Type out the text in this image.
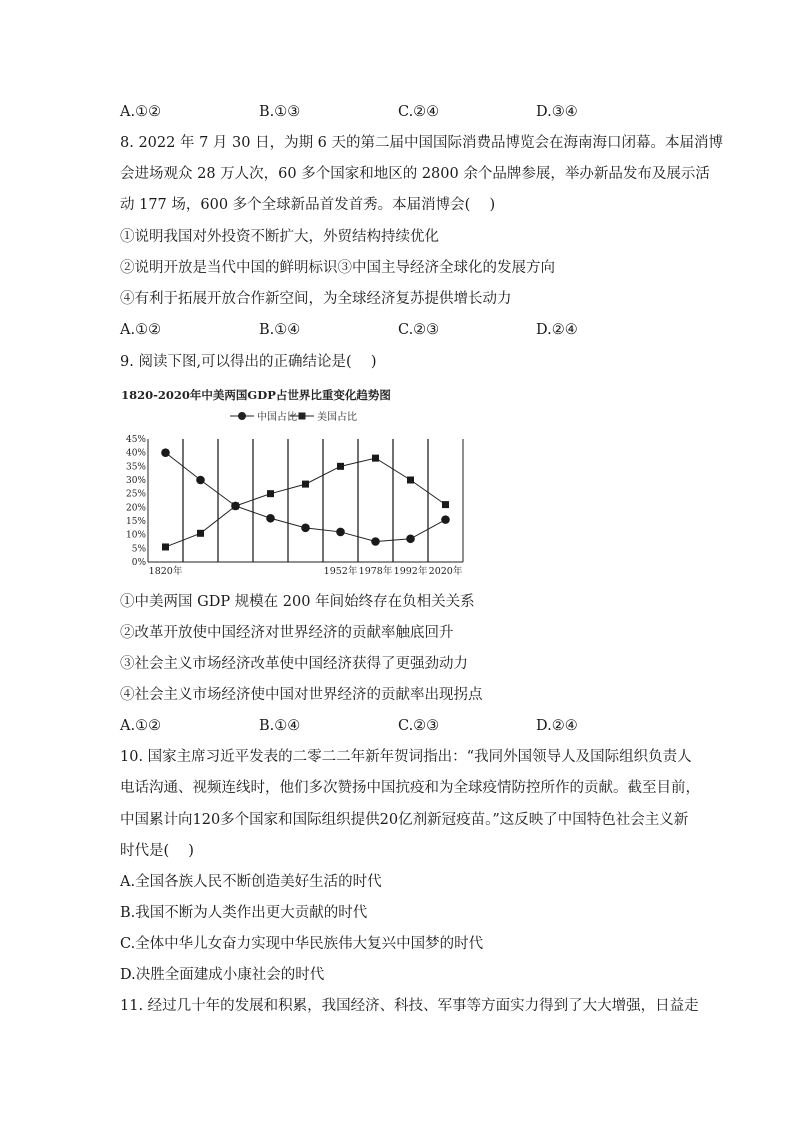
A.①②	B.①③	C.②④	D.③④
8. 2022 年 7 月 30 日，为期 6 天的第二届中国国际消费品博览会在海南海口闭幕。本届消博
会进场观众 28 万人次，60 多个国家和地区的 2800 余个品牌参展，举办新品发布及展示活
动 177 场，600 多个全球新品首发首秀。本届消博会(　 )
①说明我国对外投资不断扩大，外贸结构持续优化
②说明开放是当代中国的鲜明标识③中国主导经济全球化的发展方向
④有利于拓展开放合作新空间，为全球经济复苏提供增长动力
A.①②	B.①④	C.②③	D.②④
9. 阅读下图,可以得出的正确结论是(　 )
1820-2020年中美两国GDP占世界比重变化趋势图
中国占比 美国占比
0%
5%
10%
15%
20%
25%
30%
35%
40%
45%
1820年	1952年 1978年 1992年 2020年
①中美两国 GDP 规模在 200 年间始终存在负相关关系
②改革开放使中国经济对世界经济的贡献率触底回升
③社会主义市场经济改革使中国经济获得了更强劲动力
④社会主义市场经济使中国对世界经济的贡献率出现拐点
A.①②	B.①④	C.②③	D.②④
10. 国家主席习近平发表的二零二二年新年贺词指出：“我同外国领导人及国际组织负责人
电话沟通、视频连线时，他们多次赞扬中国抗疫和为全球疫情防控所作的贡献。截至目前，
中国累计向120多个国家和国际组织提供20亿剂新冠疫苗。”这反映了中国特色社会主义新
时代是(　 )
A.全国各族人民不断创造美好生活的时代
B.我国不断为人类作出更大贡献的时代
C.全体中华儿女奋力实现中华民族伟大复兴中国梦的时代
D.决胜全面建成小康社会的时代
11. 经过几十年的发展和积累，我国经济、科技、军事等方面实力得到了大大增强，日益走
